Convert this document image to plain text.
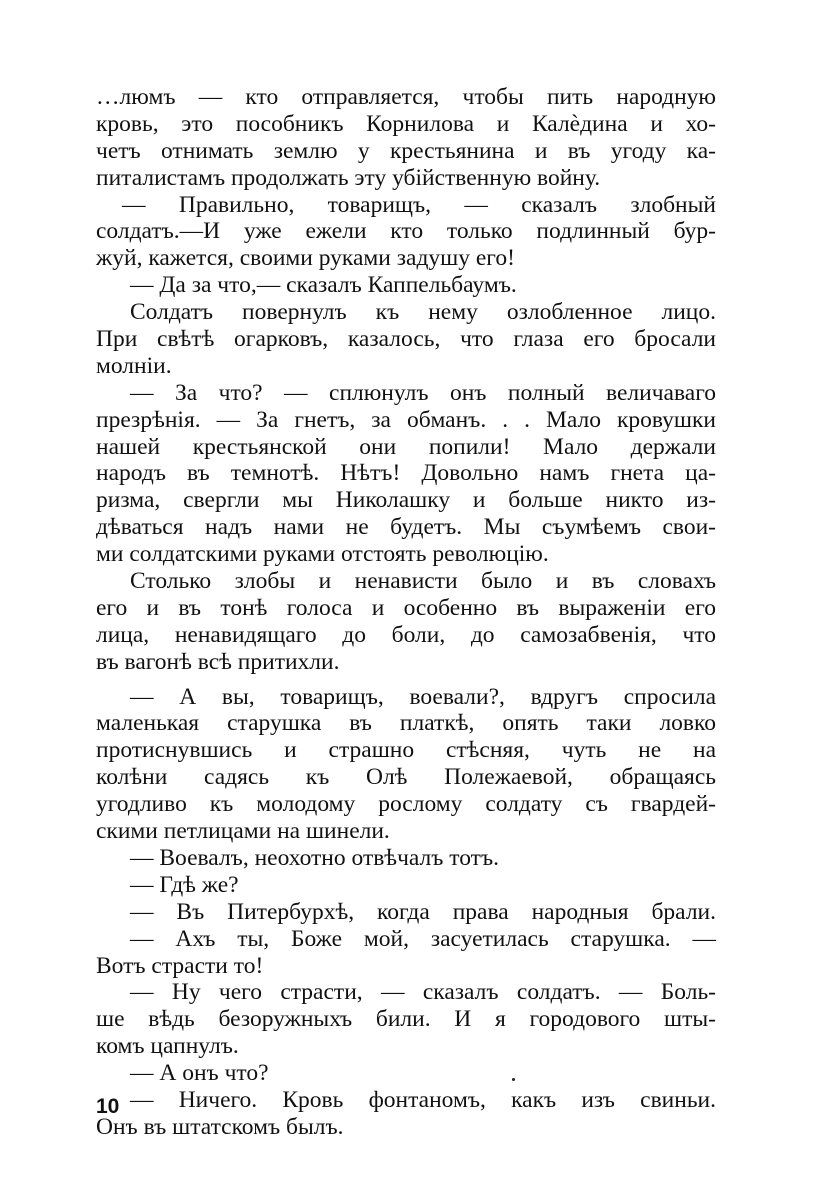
…люмъ — кто отправляется, чтобы пить народную
кровь, это пособникъ Корнилова и Калѐдина и хо-
четъ отнимать землю у крестьянина и въ угоду ка-
питалистамъ продолжать эту убійственную войну.
— Правильно, товарищъ, — сказалъ злобный
солдатъ.—И уже ежели кто только подлинный бур-
жуй, кажется, своими руками задушу его!
— Да за что,— сказалъ Каппельбаумъ.
Солдатъ повернулъ къ нему озлобленное лицо.
При свѣтѣ огарковъ, казалось, что глаза его бросали
молніи.
— За что? — сплюнулъ онъ полный величаваго
презрѣнія. — За гнетъ, за обманъ. . . Мало кровушки
нашей крестьянской они попили! Мало держали
народъ въ темнотѣ. Нѣтъ! Довольно намъ гнета ца-
ризма, свергли мы Николашку и больше никто из-
дѣваться надъ нами не будетъ. Мы съумѣемъ свои-
ми солдатскими руками отстоять революцію.
Столько злобы и ненависти было и въ словахъ
его и въ тонѣ голоса и особенно въ выраженіи его
лица, ненавидящаго до боли, до самозабвенія, что
въ вагонѣ всѣ притихли.
— А вы, товарищъ, воевали?, вдругъ спросила
маленькая старушка въ платкѣ, опять таки ловко
протиснувшись и страшно стѣсняя, чуть не на
колѣни садясь къ Олѣ Полежаевой, обращаясь
угодливо къ молодому рослому солдату съ гвардей-
скими петлицами на шинели.
— Воевалъ, неохотно отвѣчалъ тотъ.
— Гдѣ же?
— Въ Питербурхѣ, когда права народныя брали.
— Ахъ ты, Боже мой, засуетилась старушка. —
Вотъ страсти то!
— Ну чего страсти, — сказалъ солдатъ. — Боль-
ше вѣдь безоружныхъ били. И я городового шты-
комъ цапнулъ.
— А онъ что?
— Ничего. Кровь фонтаномъ, какъ изъ свиньи.
Онъ въ штатскомъ былъ.
10
